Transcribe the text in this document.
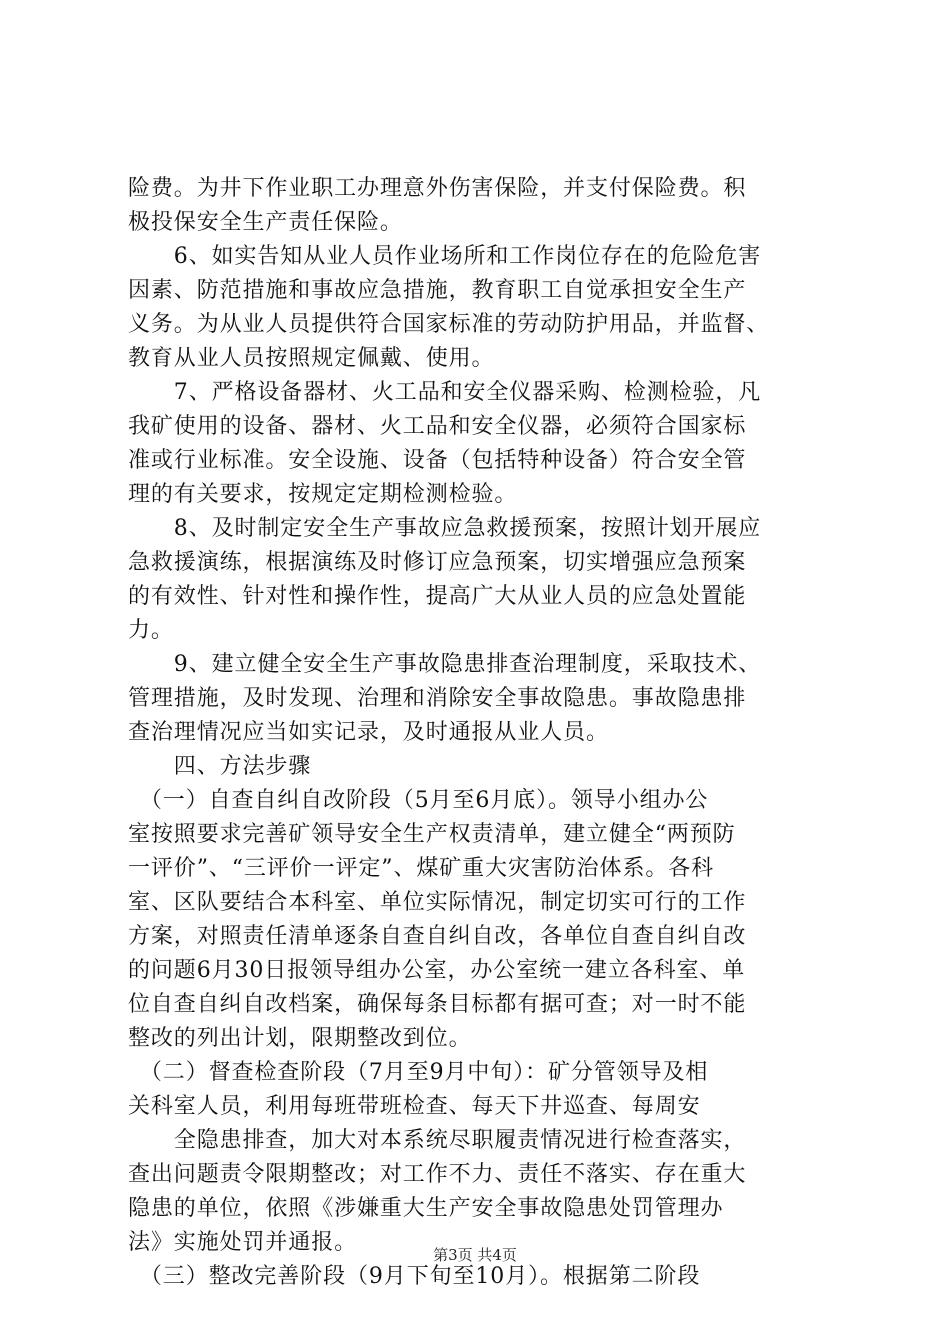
险费。为井下作业职工办理意外伤害保险，并支付保险费。积
极投保安全生产责任保险。
　　6、如实告知从业人员作业场所和工作岗位存在的危险危害
因素、防范措施和事故应急措施，教育职工自觉承担安全生产
义务。为从业人员提供符合国家标准的劳动防护用品，并监督、
教育从业人员按照规定佩戴、使用。
　　7、严格设备器材、火工品和安全仪器采购、检测检验，凡
我矿使用的设备、器材、火工品和安全仪器，必须符合国家标
准或行业标准。安全设施、设备（包括特种设备）符合安全管
理的有关要求，按规定定期检测检验。
　　8、及时制定安全生产事故应急救援预案，按照计划开展应
急救援演练，根据演练及时修订应急预案，切实增强应急预案
的有效性、针对性和操作性，提高广大从业人员的应急处置能
力。
　　9、建立健全安全生产事故隐患排查治理制度，采取技术、
管理措施，及时发现、治理和消除安全事故隐患。事故隐患排
查治理情况应当如实记录，及时通报从业人员。
　　四、方法步骤
　（一）自查自纠自改阶段（5月至6月底）。领导小组办公
室按照要求完善矿领导安全生产权责清单，建立健全“两预防
一评价”、“三评价一评定”、煤矿重大灾害防治体系。各科
室、区队要结合本科室、单位实际情况，制定切实可行的工作
方案，对照责任清单逐条自查自纠自改，各单位自查自纠自改
的问题6月30日报领导组办公室，办公室统一建立各科室、单
位自查自纠自改档案，确保每条目标都有据可查；对一时不能
整改的列出计划，限期整改到位。
　（二）督查检查阶段（7月至9月中旬）：矿分管领导及相
关科室人员，利用每班带班检查、每天下井巡查、每周安
　　全隐患排查，加大对本系统尽职履责情况进行检查落实，
查出问题责令限期整改；对工作不力、责任不落实、存在重大
隐患的单位，依照《涉嫌重大生产安全事故隐患处罚管理办
法》实施处罚并通报。
　（三）整改完善阶段（9月下旬至10月）。根据第二阶段
第3页 共4页
